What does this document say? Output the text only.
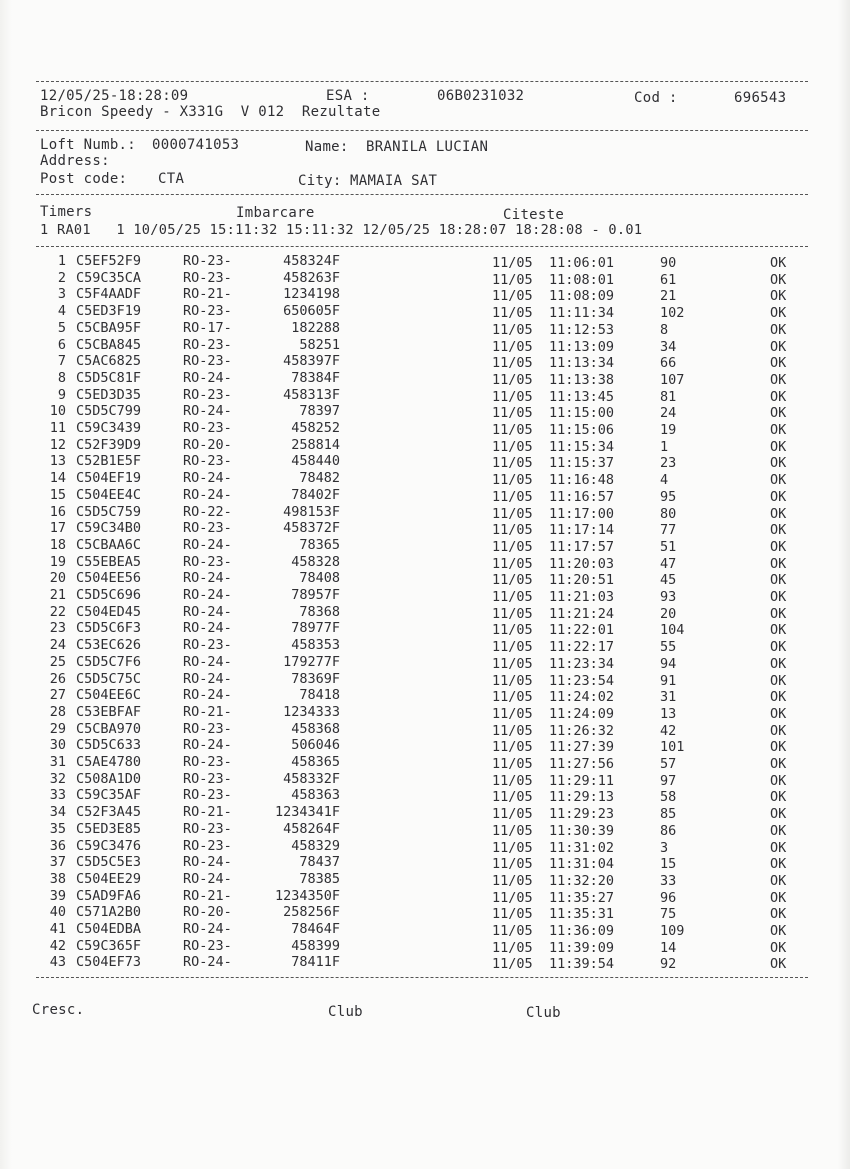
12/05/25-18:28:09	ESA :	06B0231032	Cod :	696543
Bricon Speedy - X331G  V 012  Rezultate
Loft Numb.: 0000741053	Name: BRANILA LUCIAN
Address:
Post code: CTA	City: MAMAIA SAT
Timers	Imbarcare	Citeste
1 RA01   1 10/05/25 15:11:32 15:11:32 12/05/25 18:28:07 18:28:08 - 0.01
1 C5EF52F9	RO-23-	458324F	11/05 11:06:01	90	OK
2 C59C35CA	RO-23-	458263F	11/05 11:08:01	61	OK
3 C5F4AADF	RO-21-	1234198	11/05 11:08:09	21	OK
4 C5ED3F19	RO-23-	650605F	11/05 11:11:34	102	OK
5 C5CBA95F	RO-17-	182288	11/05 11:12:53	8	OK
6 C5CBA845	RO-23-	58251	11/05 11:13:09	34	OK
7 C5AC6825	RO-23-	458397F	11/05 11:13:34	66	OK
8 C5D5C81F	RO-24-	78384F	11/05 11:13:38	107	OK
9 C5ED3D35	RO-23-	458313F	11/05 11:13:45	81	OK
10 C5D5C799	RO-24-	78397	11/05 11:15:00	24	OK
11 C59C3439	RO-23-	458252	11/05 11:15:06	19	OK
12 C52F39D9	RO-20-	258814	11/05 11:15:34	1	OK
13 C52B1E5F	RO-23-	458440	11/05 11:15:37	23	OK
14 C504EF19	RO-24-	78482	11/05 11:16:48	4	OK
15 C504EE4C	RO-24-	78402F	11/05 11:16:57	95	OK
16 C5D5C759	RO-22-	498153F	11/05 11:17:00	80	OK
17 C59C34B0	RO-23-	458372F	11/05 11:17:14	77	OK
18 C5CBAA6C	RO-24-	78365	11/05 11:17:57	51	OK
19 C55EBEA5	RO-23-	458328	11/05 11:20:03	47	OK
20 C504EE56	RO-24-	78408	11/05 11:20:51	45	OK
21 C5D5C696	RO-24-	78957F	11/05 11:21:03	93	OK
22 C504ED45	RO-24-	78368	11/05 11:21:24	20	OK
23 C5D5C6F3	RO-24-	78977F	11/05 11:22:01	104	OK
24 C53EC626	RO-23-	458353	11/05 11:22:17	55	OK
25 C5D5C7F6	RO-24-	179277F	11/05 11:23:34	94	OK
26 C5D5C75C	RO-24-	78369F	11/05 11:23:54	91	OK
27 C504EE6C	RO-24-	78418	11/05 11:24:02	31	OK
28 C53EBFAF	RO-21-	1234333	11/05 11:24:09	13	OK
29 C5CBA970	RO-23-	458368	11/05 11:26:32	42	OK
30 C5D5C633	RO-24-	506046	11/05 11:27:39	101	OK
31 C5AE4780	RO-23-	458365	11/05 11:27:56	57	OK
32 C508A1D0	RO-23-	458332F	11/05 11:29:11	97	OK
33 C59C35AF	RO-23-	458363	11/05 11:29:13	58	OK
34 C52F3A45	RO-21-	1234341F	11/05 11:29:23	85	OK
35 C5ED3E85	RO-23-	458264F	11/05 11:30:39	86	OK
36 C59C3476	RO-23-	458329	11/05 11:31:02	3	OK
37 C5D5C5E3	RO-24-	78437	11/05 11:31:04	15	OK
38 C504EE29	RO-24-	78385	11/05 11:32:20	33	OK
39 C5AD9FA6	RO-21-	1234350F	11/05 11:35:27	96	OK
40 C571A2B0	RO-20-	258256F	11/05 11:35:31	75	OK
41 C504EDBA	RO-24-	78464F	11/05 11:36:09	109	OK
42 C59C365F	RO-23-	458399	11/05 11:39:09	14	OK
43 C504EF73	RO-24-	78411F	11/05 11:39:54	92	OK
Cresc.	Club	Club
